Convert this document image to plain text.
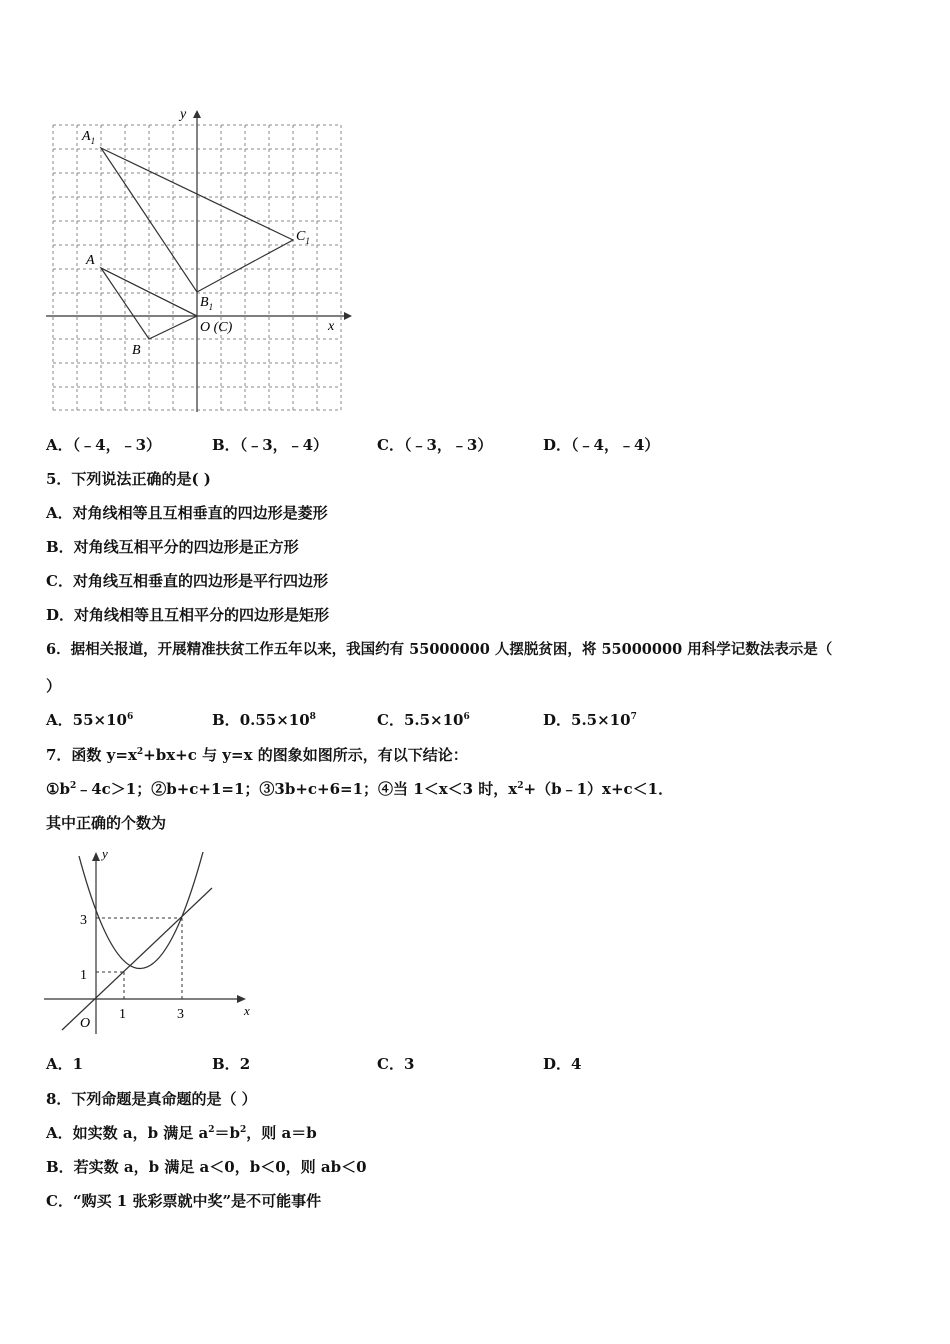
x
y
$A_1$
$C_1$
A
$B_1$
B
O (C)
A．（﹣4，﹣3）	B．（﹣3，﹣4）	C．（﹣3，﹣3）	D．（﹣4，﹣4）
5．下列说法正确的是( )
A．对角线相等且互相垂直的四边形是菱形
B．对角线互相平分的四边形是正方形
C．对角线互相垂直的四边形是平行四边形
D．对角线相等且互相平分的四边形是矩形
6．据相关报道，开展精准扶贫工作五年以来，我国约有 55000000 人摆脱贫困，将 55000000 用科学记数法表示是（
）
A．$55\times 10^6$	B．$0.55\times 10^8$	C．$5.5\times 10^6$	D．$5.5\times 10^7$
7．函数 $y=x^2+bx+c$ 与 y=x 的图象如图所示，有以下结论：
$①b^2﹣4c>1$；②b+c+1=1；③3b+c+6=1；④当 1＜x＜3 时，$x^2+(b﹣1)x+c<1$．
其中正确的个数为
x
y
3
1
1	3
O
A．1	B．2	C．3	D．4
8．下列命题是真命题的是（ ）
A．如实数 a，b 满足 $a^2=b^2$，则 a＝b
B．若实数 a，b 满足 a＜0，b＜0，则 ab＜0
C．“购买 1 张彩票就中奖”是不可能事件
